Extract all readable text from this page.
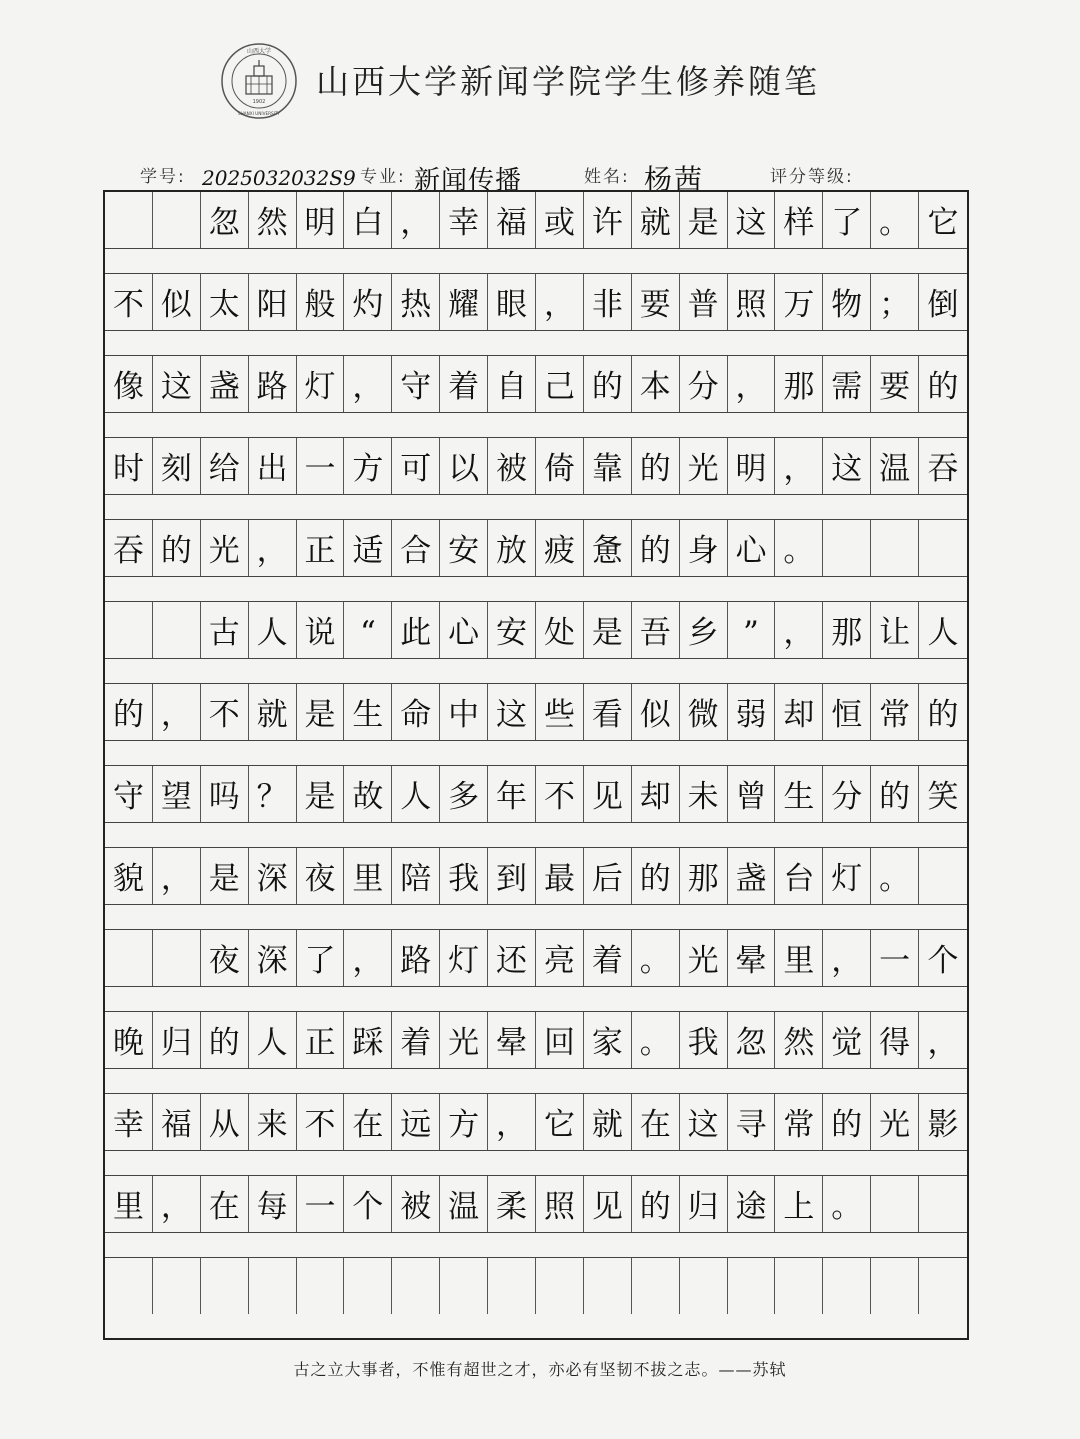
1902
山西大学
SHANXI UNIVERSITY
山西大学新闻学院学生修养随笔
学号: 2025032032S9 专业: 新闻传播	姓名: 杨茜	评分等级:
忽 然 明 白 ， 幸 福 或 许 就 是 这 样 了 。 它
不 似 太 阳 般 灼 热 耀 眼 ， 非 要 普 照 万 物 ； 倒
像 这 盏 路 灯 ， 守 着 自 己 的 本 分 ， 那 需 要 的
时 刻 给 出 一 方 可 以 被 倚 靠 的 光 明 ， 这 温 吞
吞 的 光 ， 正 适 合 安 放 疲 惫 的 身 心 。
古 人 说 “ 此 心 安 处 是 吾 乡 ” ， 那 让 人
的 ， 不 就 是 生 命 中 这 些 看 似 微 弱 却 恒 常 的
守 望 吗 ？ 是 故 人 多 年 不 见 却 未 曾 生 分 的 笑
貌 ， 是 深 夜 里 陪 我 到 最 后 的 那 盏 台 灯 。
夜 深 了 ， 路 灯 还 亮 着 。 光 晕 里 ， 一 个
晚 归 的 人 正 踩 着 光 晕 回 家 。 我 忽 然 觉 得 ，
幸 福 从 来 不 在 远 方 ， 它 就 在 这 寻 常 的 光 影
里 ， 在 每 一 个 被 温 柔 照 见 的 归 途 上 。
古之立大事者，不惟有超世之才，亦必有坚韧不拔之志。——苏轼
